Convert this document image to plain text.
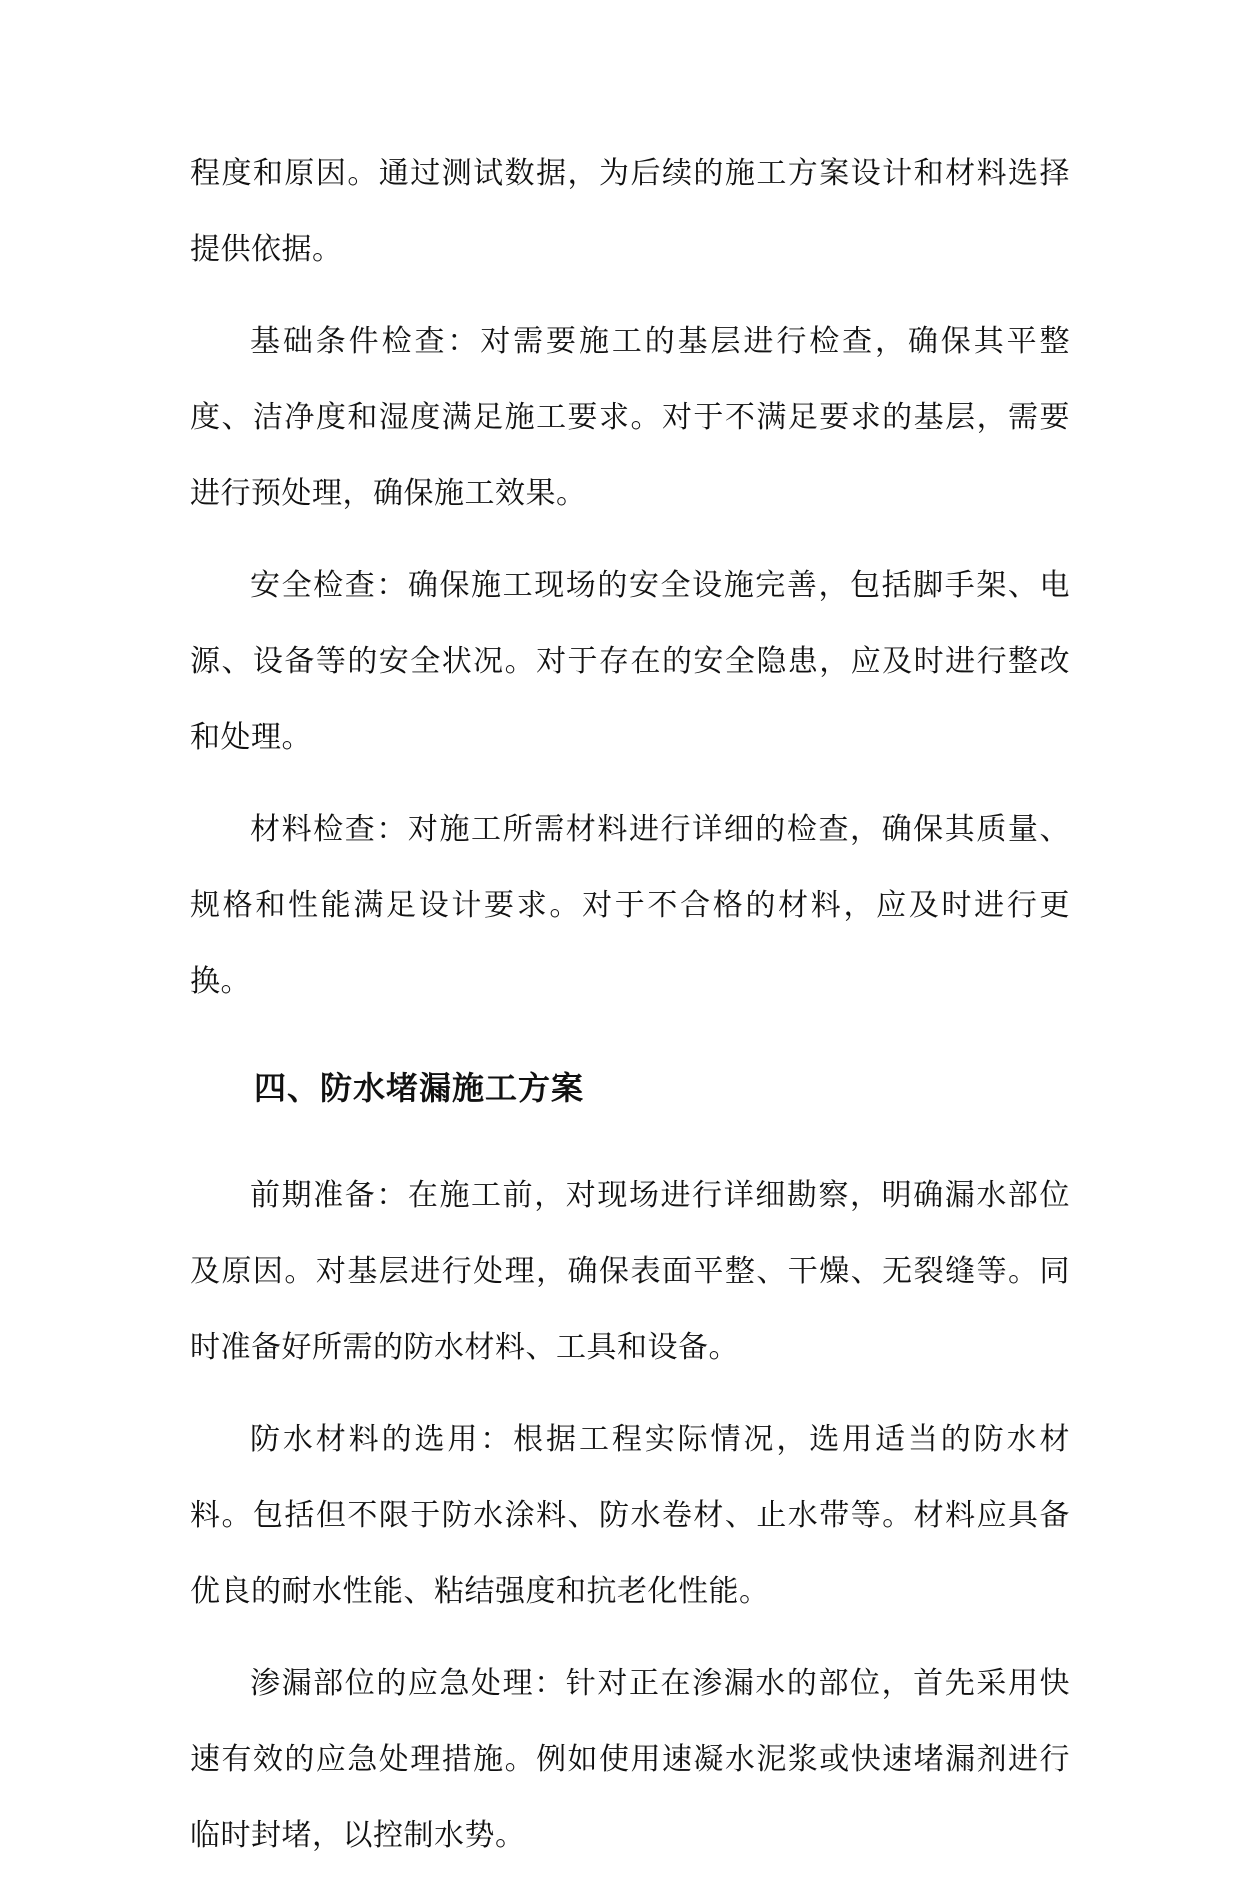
程度和原因。通过测试数据，为后续的施工方案设计和材料选择提供依据。

基础条件检查：对需要施工的基层进行检查，确保其平整度、洁净度和湿度满足施工要求。对于不满足要求的基层，需要进行预处理，确保施工效果。

安全检查：确保施工现场的安全设施完善，包括脚手架、电源、设备等的安全状况。对于存在的安全隐患，应及时进行整改和处理。

材料检查：对施工所需材料进行详细的检查，确保其质量、规格和性能满足设计要求。对于不合格的材料，应及时进行更换。

四、防水堵漏施工方案

前期准备：在施工前，对现场进行详细勘察，明确漏水部位及原因。对基层进行处理，确保表面平整、干燥、无裂缝等。同时准备好所需的防水材料、工具和设备。

防水材料的选用：根据工程实际情况，选用适当的防水材料。包括但不限于防水涂料、防水卷材、止水带等。材料应具备优良的耐水性能、粘结强度和抗老化性能。

渗漏部位的应急处理：针对正在渗漏水的部位，首先采用快速有效的应急处理措施。例如使用速凝水泥浆或快速堵漏剂进行临时封堵，以控制水势。
